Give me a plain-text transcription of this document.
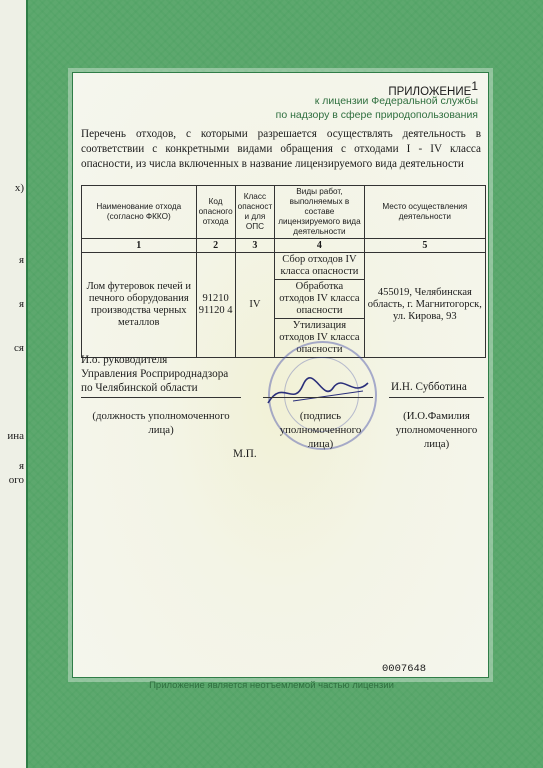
x)
я
я
ся
ина
я
ого
ПРИЛОЖЕНИЕ$^1$
к лицензии Федеральной службы
по надзору в сфере природопользования
Перечень отходов, с которыми разрешается осуществлять деятельность в соответствии с конкретными видами обращения с отходами I - IV класса опасности, из числа включенных в название лицензируемого вида деятельности
Наименование отхода (согласно ФККО)	Код опасного отхода	Класс опасност и для ОПС	Виды работ, выполняемых в составе лицензируемого вида деятельности	Место осуществления деятельности
1	2	3	4	5
Лом футеровок печей и печного оборудования производства черных металлов	91210 91120 4	IV	Сбор отходов IV класса опасности	455019, Челябинская область, г. Магнитогорск, ул. Кирова, 93
			Обработка отходов IV класса опасности	
			Утилизация отходов IV класса опасности	
И.о. руководителя
Управления Росприроднадзора
по Челябинской области	И.Н. Субботина
(должность уполномоченного лица)
(подпись уполномоченного лица)
(И.О.Фамилия уполномоченного лица)
М.П.
0007648
Приложение является неотъемлемой частью лицензии
